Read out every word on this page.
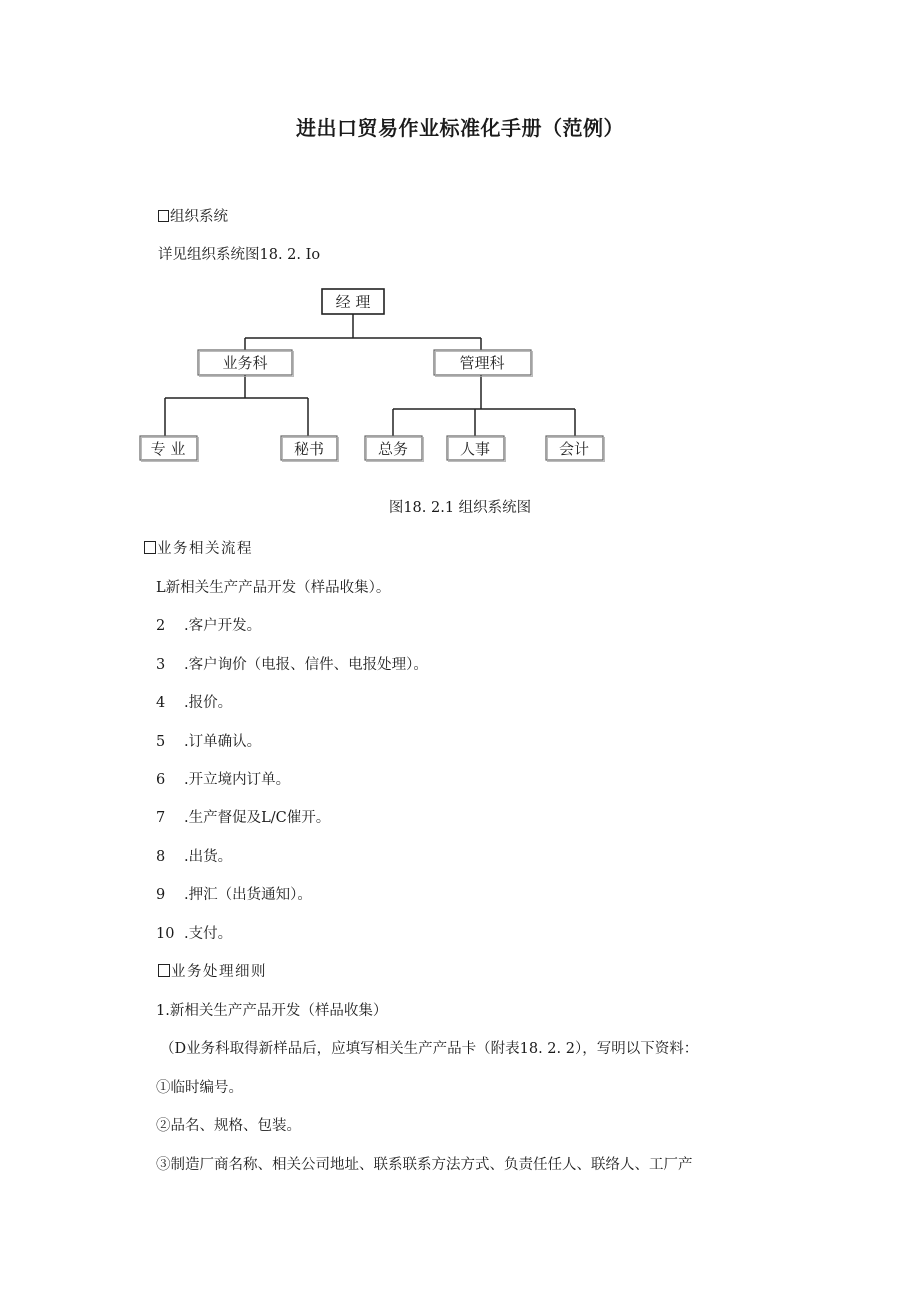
进出口贸易作业标准化手册（范例）
组织系统
详见组织系统图18. 2. Io
经 理
业务科	管理科
专 业	秘书	总务	人事	会计
图18. 2.1 组织系统图
业务相关流程
L新相关生产产品开发（样品收集）。
2 .客户开发。
3 .客户询价（电报、信件、电报处理）。
4 .报价。
5 .订单确认。
6 .开立境内订单。
7 .生产督促及L/C催开。
8 .出货。
9 .押汇（出货通知）。
10 .支付。
业务处理细则
1.新相关生产产品开发（样品收集）
（D业务科取得新样品后，应填写相关生产产品卡（附表18. 2. 2），写明以下资料：
①临时编号。
②品名、规格、包装。
③制造厂商名称、相关公司地址、联系联系方法方式、负责任任人、联络人、工厂产
